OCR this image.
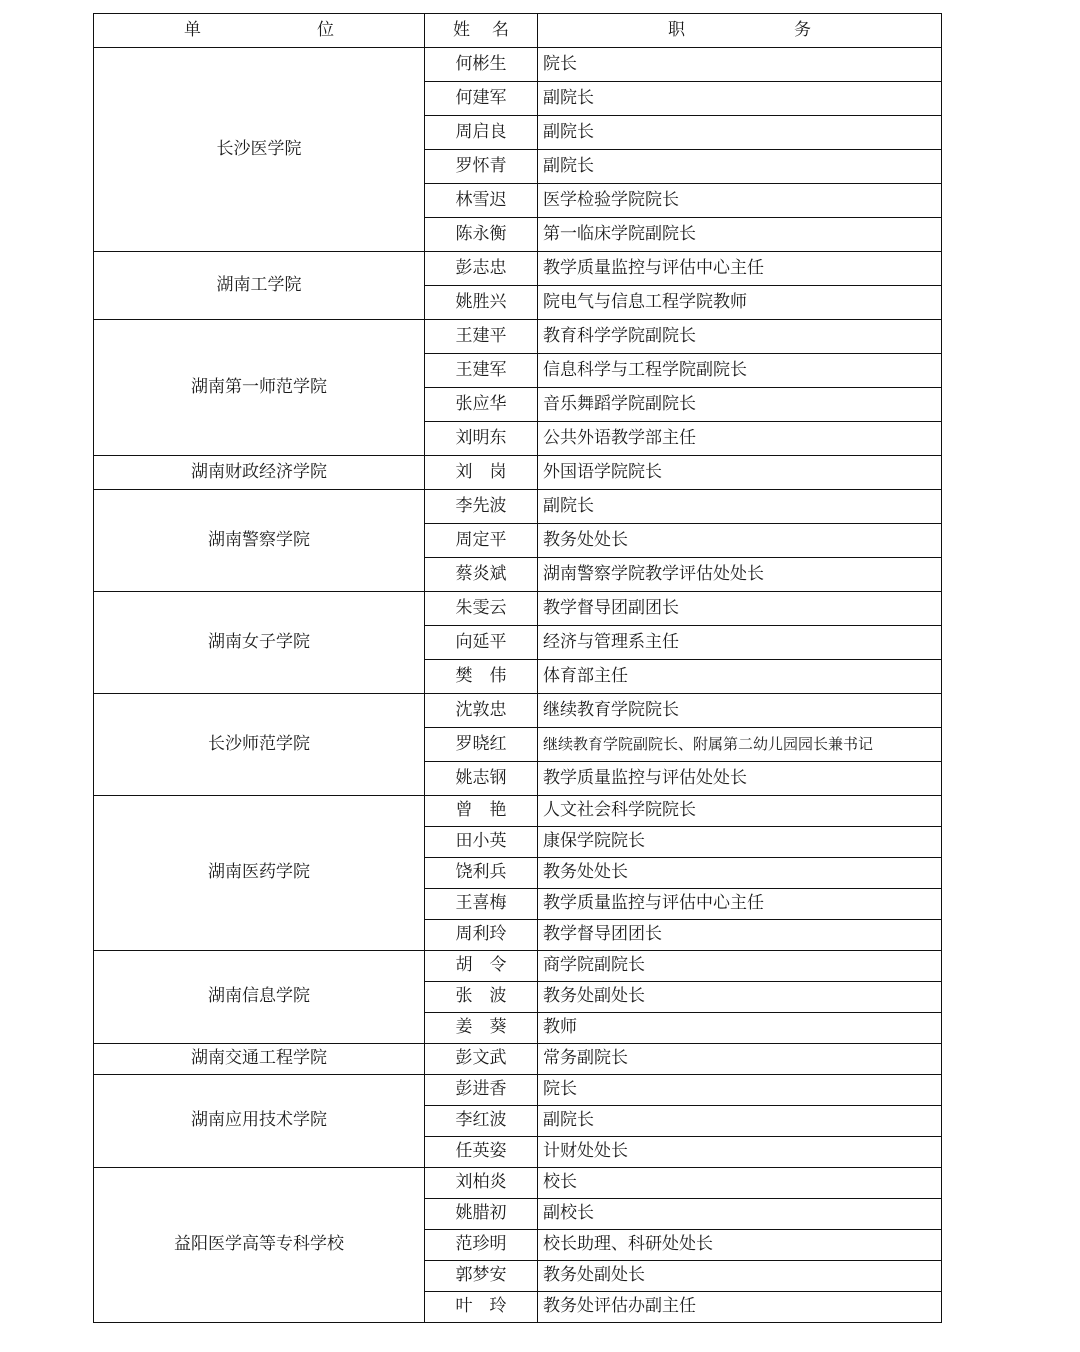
单 位	姓 名	职 务

长沙医学院	何彬生	院长
	何建军	副院长
	周启良	副院长
	罗怀青	副院长
	林雪迟	医学检验学院院长
	陈永衡	第一临床学院副院长
湖南工学院	彭志忠	教学质量监控与评估中心主任
	姚胜兴	院电气与信息工程学院教师
湖南第一师范学院	王建平	教育科学学院副院长
	王建军	信息科学与工程学院副院长
	张应华	音乐舞蹈学院副院长
	刘明东	公共外语教学部主任
湖南财政经济学院	刘　岗	外国语学院院长
湖南警察学院	李先波	副院长
	周定平	教务处处长
	蔡炎斌	湖南警察学院教学评估处处长
湖南女子学院	朱雯云	教学督导团副团长
	向延平	经济与管理系主任
	樊　伟	体育部主任
长沙师范学院	沈敦忠	继续教育学院院长
	罗晓红	继续教育学院副院长、附属第二幼儿园园长兼书记
	姚志钢	教学质量监控与评估处处长
湖南医药学院	曾　艳	人文社会科学院院长
	田小英	康保学院院长
	饶利兵	教务处处长
	王喜梅	教学质量监控与评估中心主任
	周利玲	教学督导团团长
湖南信息学院	胡　令	商学院副院长
	张　波	教务处副处长
	姜　葵	教师
湖南交通工程学院	彭文武	常务副院长
湖南应用技术学院	彭进香	院长
	李红波	副院长
	任英姿	计财处处长
益阳医学高等专科学校	刘柏炎	校长
	姚腊初	副校长
	范珍明	校长助理、科研处处长
	郭梦安	教务处副处长
	叶　玲	教务处评估办副主任
